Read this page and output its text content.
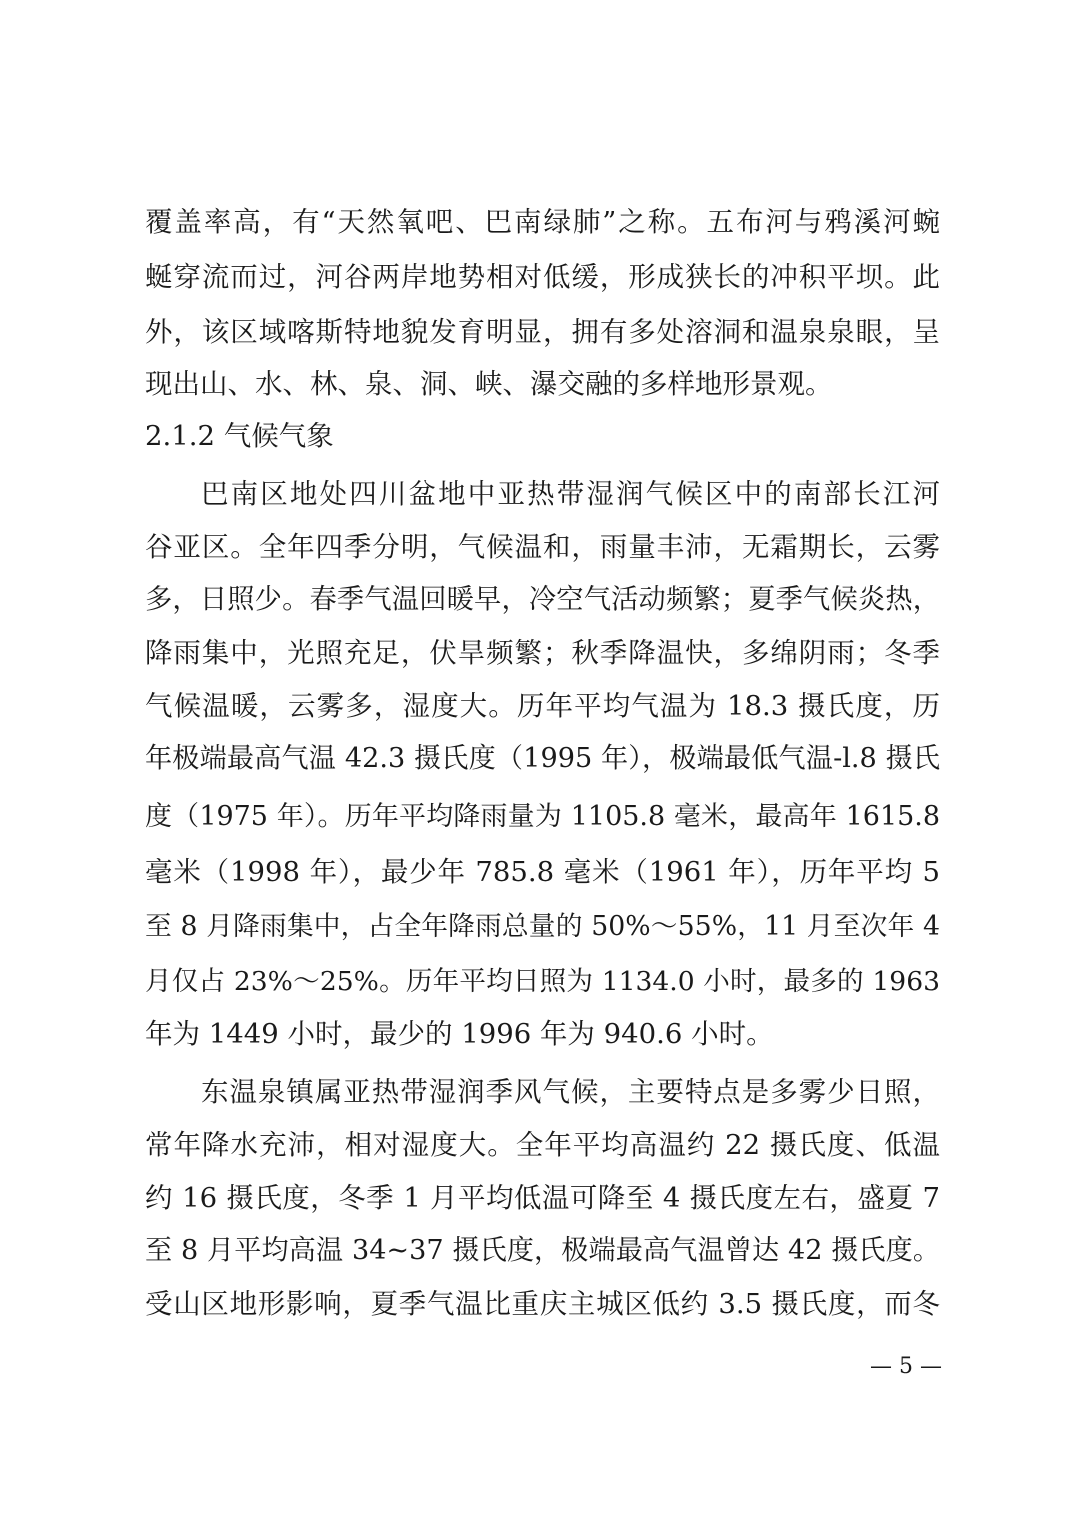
覆盖率高，有“天然氧吧、巴南绿肺”之称。五布河与鸦溪河蜿
蜒穿流而过，河谷两岸地势相对低缓，形成狭长的冲积平坝。此
外，该区域喀斯特地貌发育明显，拥有多处溶洞和温泉泉眼，呈
现出山、水、林、泉、洞、峡、瀑交融的多样地形景观。
2.1.2 气候气象
巴南区地处四川盆地中亚热带湿润气候区中的南部长江河
谷亚区。全年四季分明，气候温和，雨量丰沛，无霜期长，云雾
多，日照少。春季气温回暖早，冷空气活动频繁；夏季气候炎热，
降雨集中，光照充足，伏旱频繁；秋季降温快，多绵阴雨；冬季
气候温暖，云雾多，湿度大。历年平均气温为 18.3 摄氏度，历
年极端最高气温 42.3 摄氏度（1995 年），极端最低气温-l.8 摄氏
度（1975 年）。历年平均降雨量为 1105.8 毫米，最高年 1615.8
毫米（1998 年），最少年 785.8 毫米（1961 年），历年平均 5
至 8 月降雨集中，占全年降雨总量的 50%～55%，11 月至次年 4
月仅占 23%～25%。历年平均日照为 1134.0 小时，最多的 1963
年为 1449 小时，最少的 1996 年为 940.6 小时。
东温泉镇属亚热带湿润季风气候，主要特点是多雾少日照，
常年降水充沛，相对湿度大。全年平均高温约 22 摄氏度、低温
约 16 摄氏度，冬季 1 月平均低温可降至 4 摄氏度左右，盛夏 7
至 8 月平均高温 34~37 摄氏度，极端最高气温曾达 42 摄氏度。
受山区地形影响，夏季气温比重庆主城区低约 3.5 摄氏度，而冬
— 5 —
